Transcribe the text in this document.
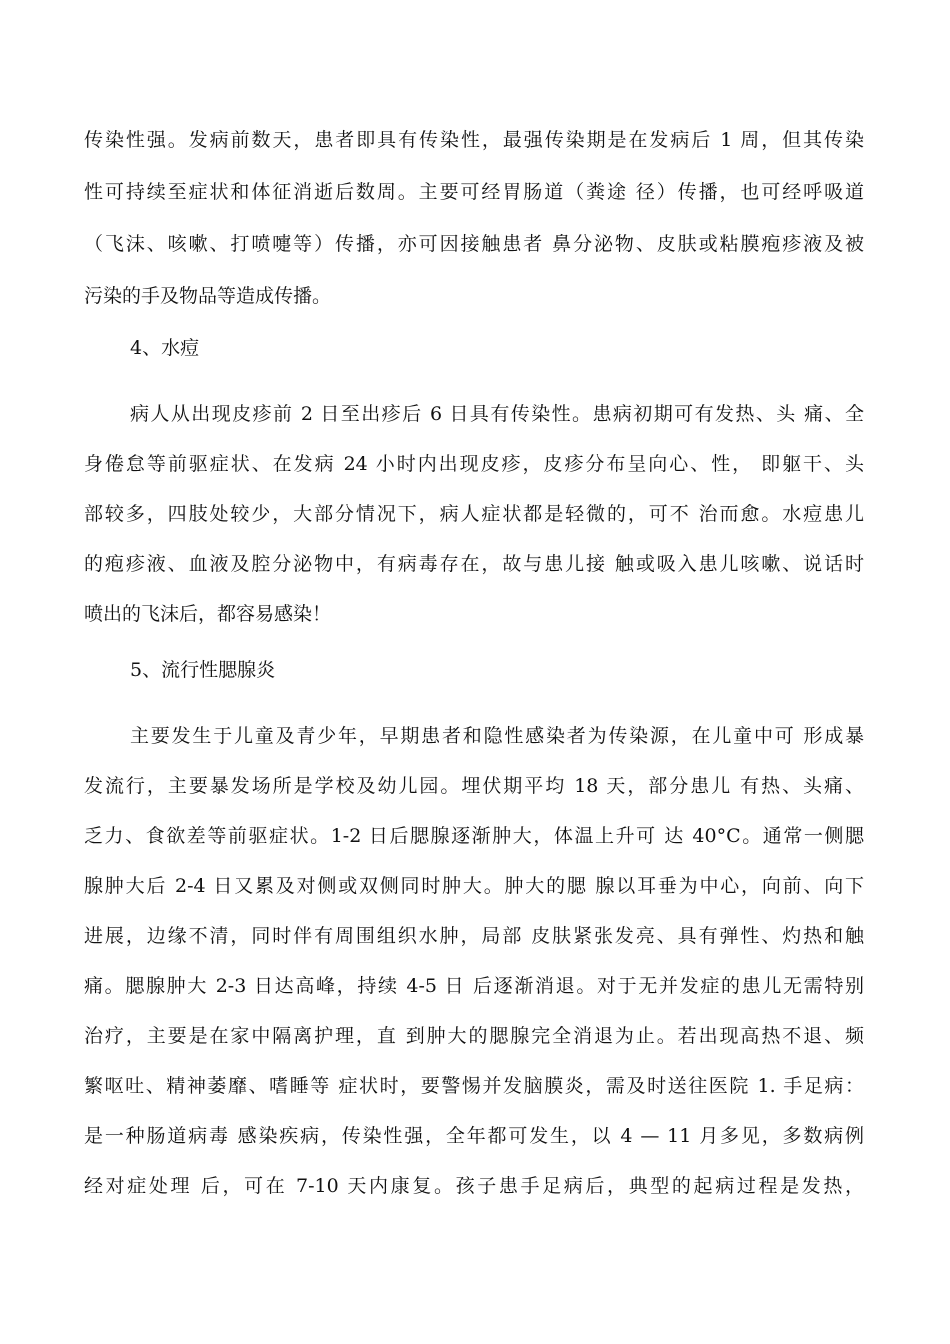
传染性强。发病前数天，患者即具有传染性，最强传染期是在发病后 1 周，但其传染
性可持续至症状和体征消逝后数周。主要可经胃肠道（粪途 径）传播，也可经呼吸道
（飞沫、咳嗽、打喷嚏等）传播，亦可因接触患者 鼻分泌物、皮肤或粘膜疱疹液及被
污染的手及物品等造成传播。
4、水痘
病人从出现皮疹前 2 日至出疹后 6 日具有传染性。患病初期可有发热、头 痛、全
身倦怠等前驱症状、在发病 24 小时内出现皮疹，皮疹分布呈向心、性， 即躯干、头
部较多，四肢处较少，大部分情况下，病人症状都是轻微的，可不 治而愈。水痘患儿
的疱疹液、血液及腔分泌物中，有病毒存在，故与患儿接 触或吸入患儿咳嗽、说话时
喷出的飞沫后，都容易感染！
5、流行性腮腺炎
主要发生于儿童及青少年，早期患者和隐性感染者为传染源，在儿童中可 形成暴
发流行，主要暴发场所是学校及幼儿园。埋伏期平均 18 天，部分患儿 有热、头痛、
乏力、食欲差等前驱症状。1-2 日后腮腺逐渐肿大，体温上升可 达 40°C。通常一侧腮
腺肿大后 2-4 日又累及对侧或双侧同时肿大。肿大的腮 腺以耳垂为中心，向前、向下
进展，边缘不清，同时伴有周围组织水肿，局部 皮肤紧张发亮、具有弹性、灼热和触
痛。腮腺肿大 2-3 日达高峰，持续 4-5 日 后逐渐消退。对于无并发症的患儿无需特别
治疗，主要是在家中隔离护理，直 到肿大的腮腺完全消退为止。若出现高热不退、频
繁呕吐、精神萎靡、嗜睡等 症状时，要警惕并发脑膜炎，需及时送往医院 1. 手足病：
是一种肠道病毒 感染疾病，传染性强，全年都可发生，以 4 — 11 月多见，多数病例
经对症处理 后，可在 7-10 天内康复。孩子患手足病后，典型的起病过程是发热，
